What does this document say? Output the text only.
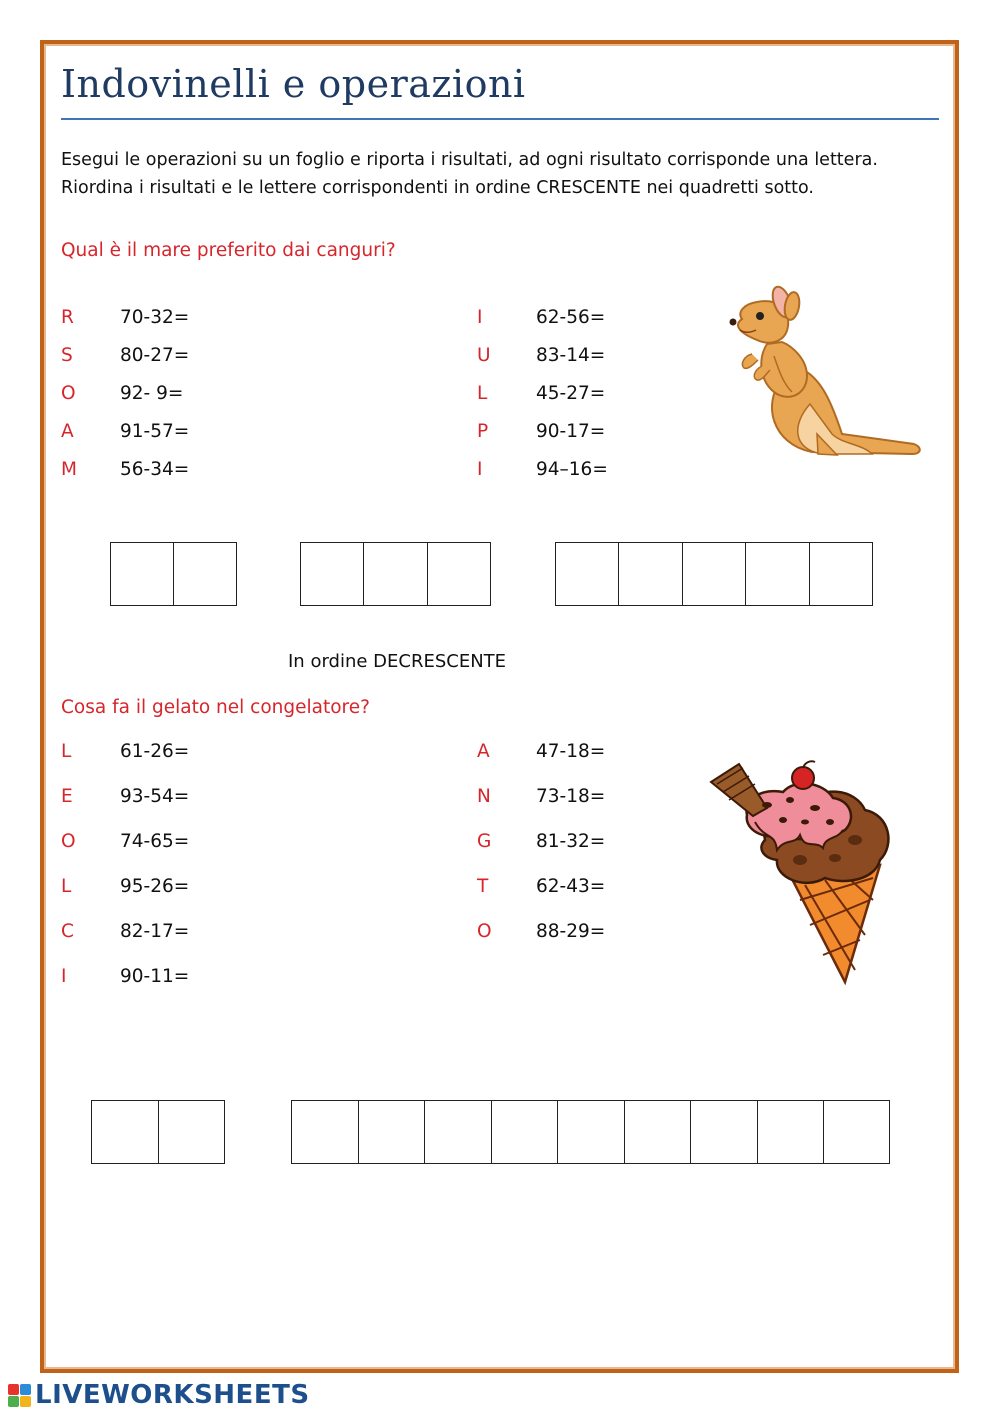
Indovinelli e operazioni
Esegui le operazioni su un foglio e riporta i risultati, ad ogni risultato corrisponde una lettera. Riordina i risultati e le lettere corrispondenti in ordine CRESCENTE nei quadretti sotto.
Qual è il mare preferito dai canguri?
R 70-32=
S	80-27=
O 92- 9=
A	91-57=
M 56-34=
I	62-56=
U 83-14=
L	45-27=
P	90-17=
I	94–16=
In ordine DECRESCENTE
Cosa fa il gelato nel congelatore?
L	61-26=
E	93-54=
O 74-65=
L	95-26=
C 82-17=
I	90-11=
A	47-18=
N 73-18=
G 81-32=
T	62-43=
O 88-29=
LIVEWORKSHEETS
